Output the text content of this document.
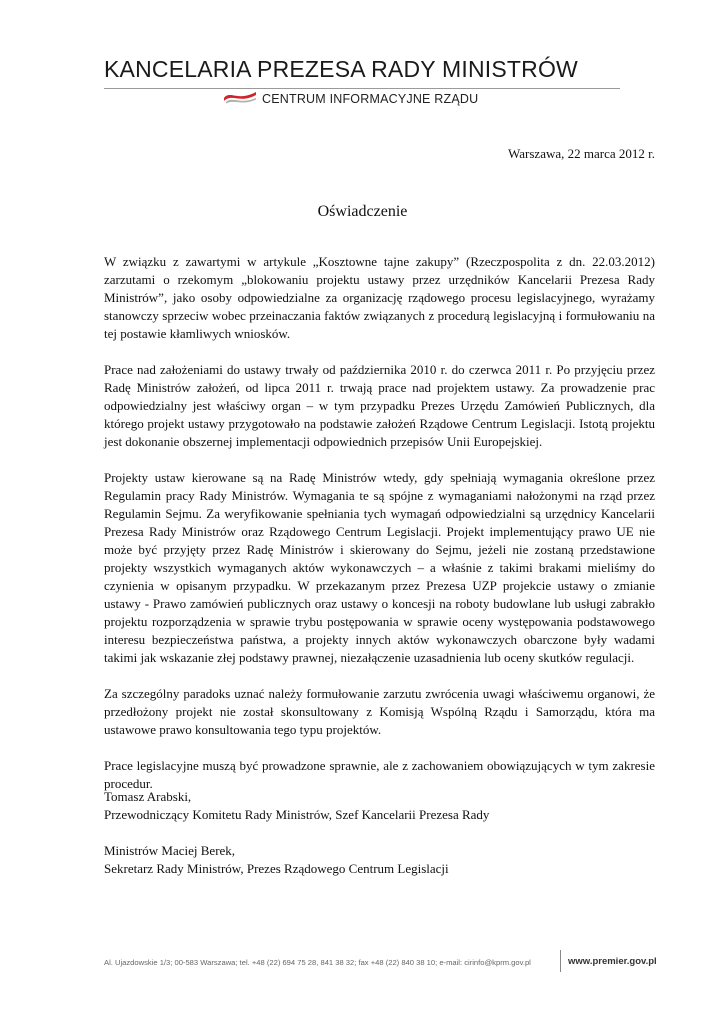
KANCELARIA PREZESA RADY MINISTRÓW
CENTRUM INFORMACYJNE RZĄDU
Warszawa, 22 marca 2012 r.
Oświadczenie

W związku z zawartymi w artykule „Kosztowne tajne zakupy” (Rzeczpospolita z dn. 22.03.2012) zarzutami o rzekomym „blokowaniu projektu ustawy przez urzędników Kancelarii Prezesa Rady Ministrów”, jako osoby odpowiedzialne za organizację rządowego procesu legislacyjnego, wyrażamy stanowczy sprzeciw wobec przeinaczania faktów związanych z procedurą legislacyjną i formułowaniu na tej postawie kłamliwych wniosków.

Prace nad założeniami do ustawy trwały od października 2010 r. do czerwca 2011 r. Po przyjęciu przez Radę Ministrów założeń, od lipca 2011 r. trwają prace nad projektem ustawy. Za prowadzenie prac odpowiedzialny jest właściwy organ – w tym przypadku Prezes Urzędu Zamówień Publicznych, dla którego projekt ustawy przygotowało na podstawie założeń Rządowe Centrum Legislacji. Istotą projektu jest dokonanie obszernej implementacji odpowiednich przepisów Unii Europejskiej.

Projekty ustaw kierowane są na Radę Ministrów wtedy, gdy spełniają wymagania określone przez Regulamin pracy Rady Ministrów. Wymagania te są spójne z wymaganiami nałożonymi na rząd przez Regulamin Sejmu. Za weryfikowanie spełniania tych wymagań odpowiedzialni są urzędnicy Kancelarii Prezesa Rady Ministrów oraz Rządowego Centrum Legislacji. Projekt implementujący prawo UE nie może być przyjęty przez Radę Ministrów i skierowany do Sejmu, jeżeli nie zostaną przedstawione projekty wszystkich wymaganych aktów wykonawczych – a właśnie z takimi brakami mieliśmy do czynienia w opisanym przypadku. W przekazanym przez Prezesa UZP projekcie ustawy o zmianie ustawy - Prawo zamówień publicznych oraz ustawy o koncesji na roboty budowlane lub usługi zabrakło projektu rozporządzenia w sprawie trybu postępowania w sprawie oceny występowania podstawowego interesu bezpieczeństwa państwa, a projekty innych aktów wykonawczych obarczone były wadami takimi jak wskazanie złej podstawy prawnej, niezałączenie uzasadnienia lub oceny skutków regulacji.

Za szczególny paradoks uznać należy formułowanie zarzutu zwrócenia uwagi właściwemu organowi, że przedłożony projekt nie został skonsultowany z Komisją Wspólną Rządu i Samorządu, która ma ustawowe prawo konsultowania tego typu projektów.

Prace legislacyjne muszą być prowadzone sprawnie, ale z zachowaniem obowiązujących w tym zakresie procedur.

Tomasz Arabski,
Przewodniczący Komitetu Rady Ministrów, Szef Kancelarii Prezesa Rady

Ministrów Maciej Berek,
Sekretarz Rady Ministrów, Prezes Rządowego Centrum Legislacji

Al. Ujazdowskie 1/3; 00-583 Warszawa; tel. +48 (22) 694 75 28, 841 38 32; fax +48 (22) 840 38 10; e-mail: cirinfo@kprm.gov.pl	www.premier.gov.pl
